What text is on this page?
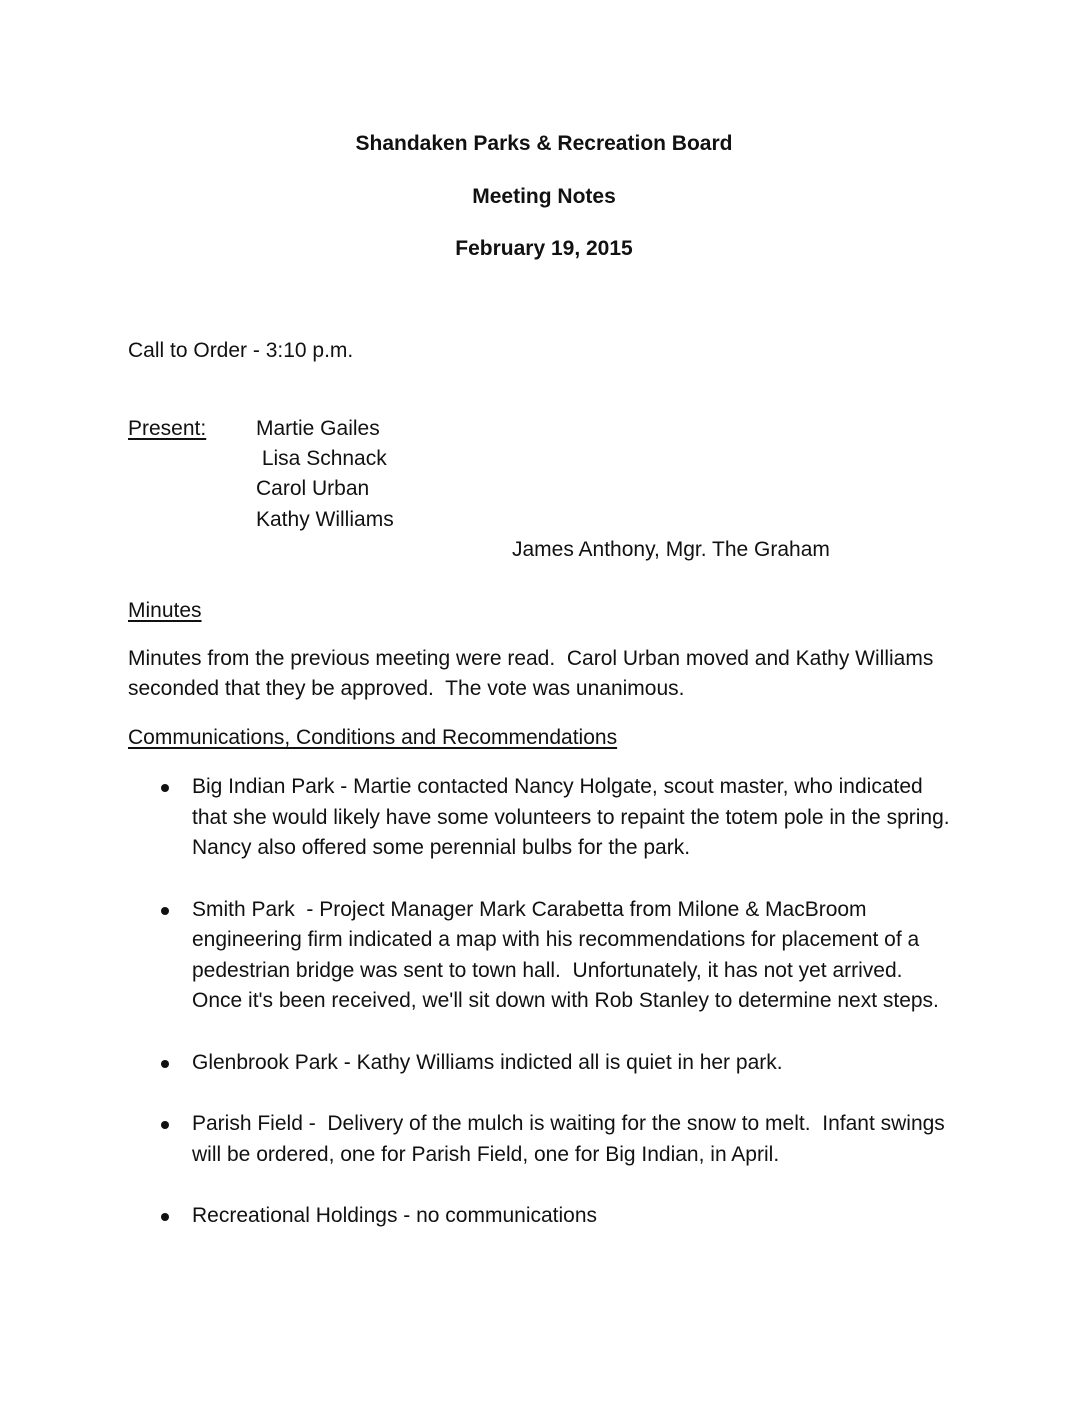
Shandaken Parks & Recreation Board
Meeting Notes
February 19, 2015
Call to Order - 3:10 p.m.
Present: Martie Gailes
Lisa Schnack
Carol Urban
Kathy Williams
James Anthony, Mgr. The Graham
Minutes

Minutes from the previous meeting were read.  Carol Urban moved and Kathy Williams seconded that they be approved.  The vote was unanimous.

Communications, Conditions and Recommendations
Big Indian Park - Martie contacted Nancy Holgate, scout master, who indicated that she would likely have some volunteers to repaint the totem pole in the spring.  Nancy also offered some perennial bulbs for the park.
Smith Park  - Project Manager Mark Carabetta from Milone & MacBroom engineering firm indicated a map with his recommendations for placement of a pedestrian bridge was sent to town hall.  Unfortunately, it has not yet arrived.  Once it's been received, we'll sit down with Rob Stanley to determine next steps.
Glenbrook Park - Kathy Williams indicted all is quiet in her park.
Parish Field -  Delivery of the mulch is waiting for the snow to melt.  Infant swings  will be ordered, one for Parish Field, one for Big Indian, in April.
Recreational Holdings - no communications
